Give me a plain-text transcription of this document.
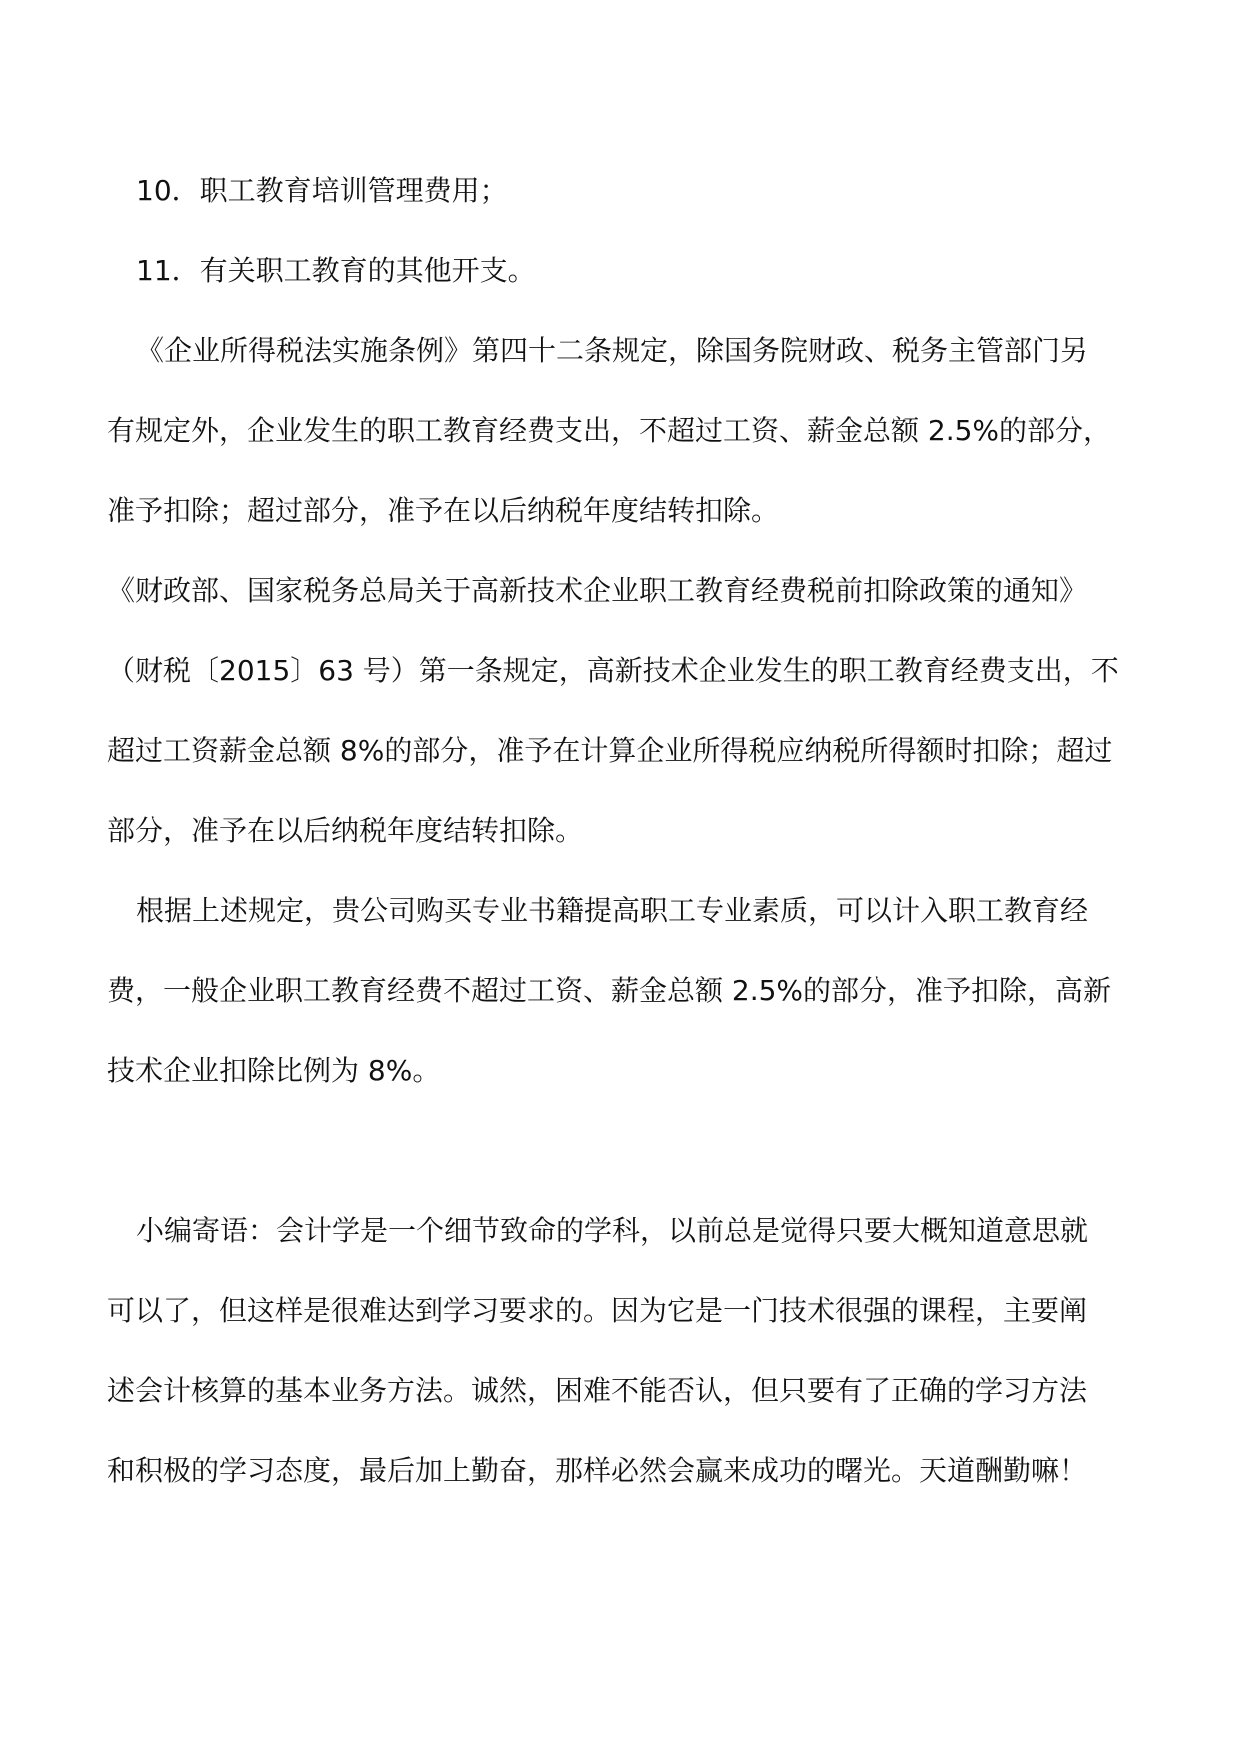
10．职工教育培训管理费用；
11．有关职工教育的其他开支。
《企业所得税法实施条例》第四十二条规定，除国务院财政、税务主管部门另
有规定外，企业发生的职工教育经费支出，不超过工资、薪金总额 2.5%的部分，
准予扣除；超过部分，准予在以后纳税年度结转扣除。
《财政部、国家税务总局关于高新技术企业职工教育经费税前扣除政策的通知》
（财税〔2015〕63 号）第一条规定，高新技术企业发生的职工教育经费支出，不
超过工资薪金总额 8%的部分，准予在计算企业所得税应纳税所得额时扣除；超过
部分，准予在以后纳税年度结转扣除。
根据上述规定，贵公司购买专业书籍提高职工专业素质，可以计入职工教育经
费，一般企业职工教育经费不超过工资、薪金总额 2.5%的部分，准予扣除，高新
技术企业扣除比例为 8%。
小编寄语：会计学是一个细节致命的学科，以前总是觉得只要大概知道意思就
可以了，但这样是很难达到学习要求的。因为它是一门技术很强的课程，主要阐
述会计核算的基本业务方法。诚然，困难不能否认，但只要有了正确的学习方法
和积极的学习态度，最后加上勤奋，那样必然会赢来成功的曙光。天道酬勤嘛！
